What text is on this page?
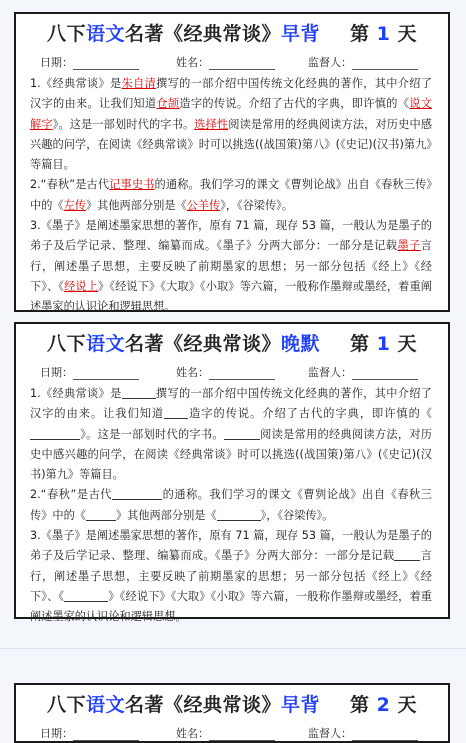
八下语文名著《经典常谈》早背 第 1 天
日期：	姓名：	监督人：

1.《经典常谈》是朱自清撰写的一部介绍中国传统文化经典的著作，其中介绍了汉字的由来。让我们知道仓颉造字的传说。介绍了古代的字典，即许慎的《说文解字》。这是一部划时代的字书。选择性阅读是常用的经典阅读方法，对历史中感兴趣的问学，在阅读《经典常谈》时可以挑选((战国策)第八》(《史记)(汉书)第九》等篇目。

2.“春秋”是古代记事史书的通称。我们学习的课文《曹刿论战》出自《春秋三传》中的《左传》其他两部分别是《公羊传》，《谷梁传》。

3.《墨子》是阐述墨家思想的著作，原有 71 篇，现存 53 篇，一般认为是墨子的弟子及后学记录、整理、编纂而成。《墨子》分两大部分：一部分是记载墨子言行，阐述墨子思想，主要反映了前期墨家的思想；另一部分包括《经上》《经下》、《经说上》《经说下》《大取》《小取》等六篇，一般称作墨辩或墨经，着重阐述墨家的认识论和逻辑思想。

八下语文名著《经典常谈》晚默 第 1 天
日期：	姓名：	监督人：

1.《经典常谈》是	撰写的一部介绍中国传统文化经典的著作，其中介绍了汉字的由来。让我们知道 造字的传说。介绍了古代的字典，即许慎的《》。这是一部划时代的字书。	阅读是常用的经典阅读方法，对历史中感兴趣的问学，在阅读《经典常谈》时可以挑选((战国策)第八》(《史记)(汉书)第九》等篇目。

2.“春秋”是古代	的通称。我们学习的课文《曹刿论战》出自《春秋三传》中的《	》其他两部分别是《	》，《谷梁传》。

3.《墨子》是阐述墨家思想的著作，原有 71 篇，现存 53 篇，一般认为是墨子的弟子及后学记录、整理、编纂而成。《墨子》分两大部分：一部分是记载 言行，阐述墨子思想，主要反映了前期墨家的思想；另一部分包括《经上》《经下》、《	》《经说下》《大取》《小取》等六篇，一般称作墨辩或墨经，着重阐述墨家的认识论和逻辑思想。

八下语文名著《经典常谈》早背 第 2 天
日期：	姓名：	监督人：
